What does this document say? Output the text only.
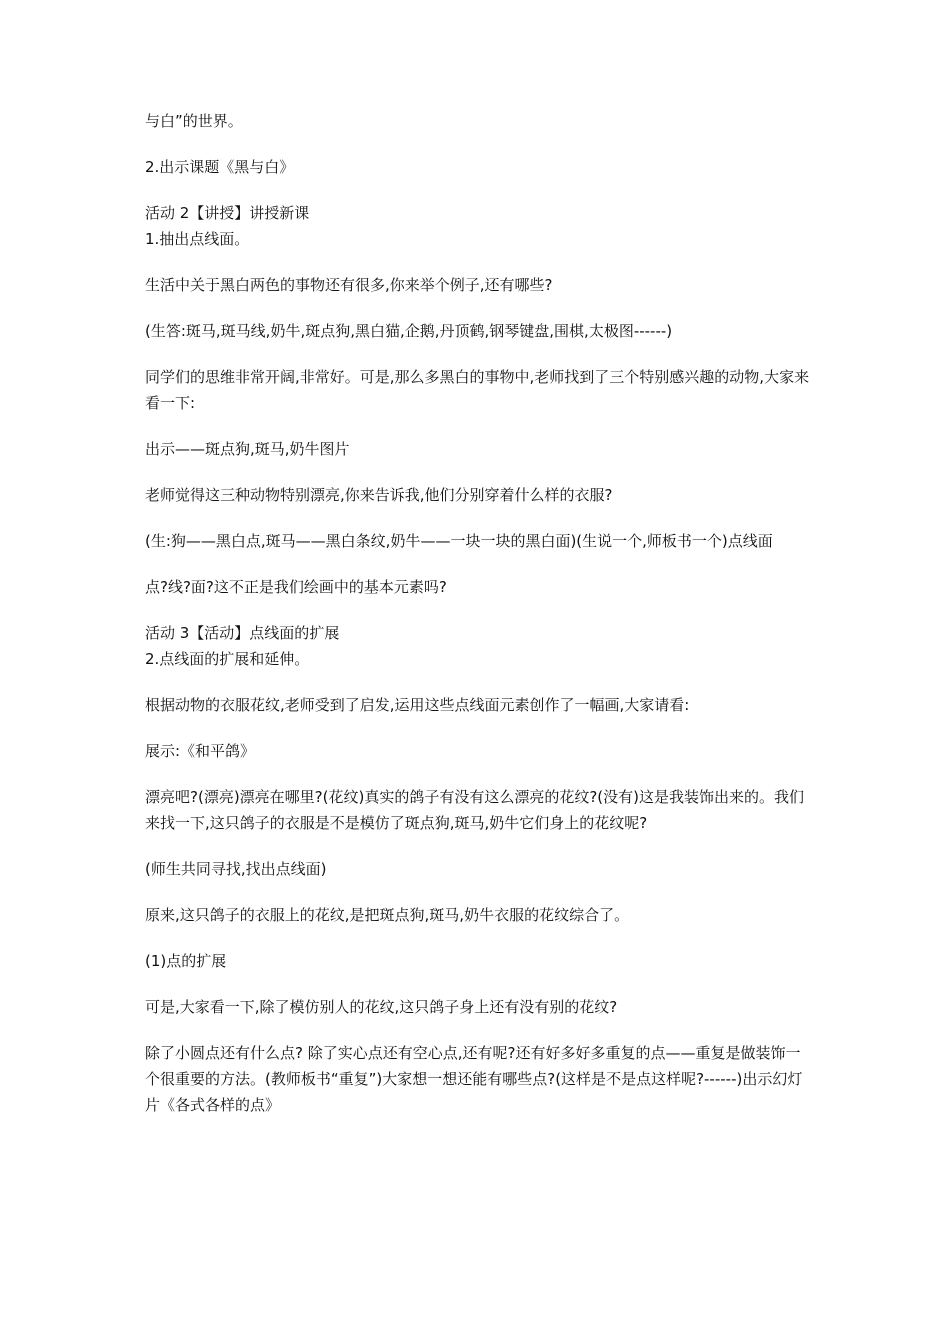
与白”的世界。

2.出示课题《黑与白》

活动 2【讲授】讲授新课

1.抽出点线面。

生活中关于黑白两色的事物还有很多,你来举个例子,还有哪些?

(生答:斑马,斑马线,奶牛,斑点狗,黑白猫,企鹅,丹顶鹤,钢琴键盘,围棋,太极图------)

同学们的思维非常开阔,非常好。可是,那么多黑白的事物中,老师找到了三个特别感兴趣的动物,大家来看一下:

出示——斑点狗,斑马,奶牛图片

老师觉得这三种动物特别漂亮,你来告诉我,他们分别穿着什么样的衣服?

(生:狗——黑白点,斑马——黑白条纹,奶牛——一块一块的黑白面)(生说一个,师板书一个)点线面

点?线?面?这不正是我们绘画中的基本元素吗?

活动 3【活动】点线面的扩展

2.点线面的扩展和延伸。

根据动物的衣服花纹,老师受到了启发,运用这些点线面元素创作了一幅画,大家请看:

展示:《和平鸽》

漂亮吧?(漂亮)漂亮在哪里?(花纹)真实的鸽子有没有这么漂亮的花纹?(没有)这是我装饰出来的。我们来找一下,这只鸽子的衣服是不是模仿了斑点狗,斑马,奶牛它们身上的花纹呢?

(师生共同寻找,找出点线面)

原来,这只鸽子的衣服上的花纹,是把斑点狗,斑马,奶牛衣服的花纹综合了。

(1)点的扩展

可是,大家看一下,除了模仿别人的花纹,这只鸽子身上还有没有别的花纹?

除了小圆点还有什么点? 除了实心点还有空心点,还有呢?还有好多好多重复的点——重复是做装饰一个很重要的方法。(教师板书“重复”)大家想一想还能有哪些点?(这样是不是点这样呢?------)出示幻灯片《各式各样的点》
